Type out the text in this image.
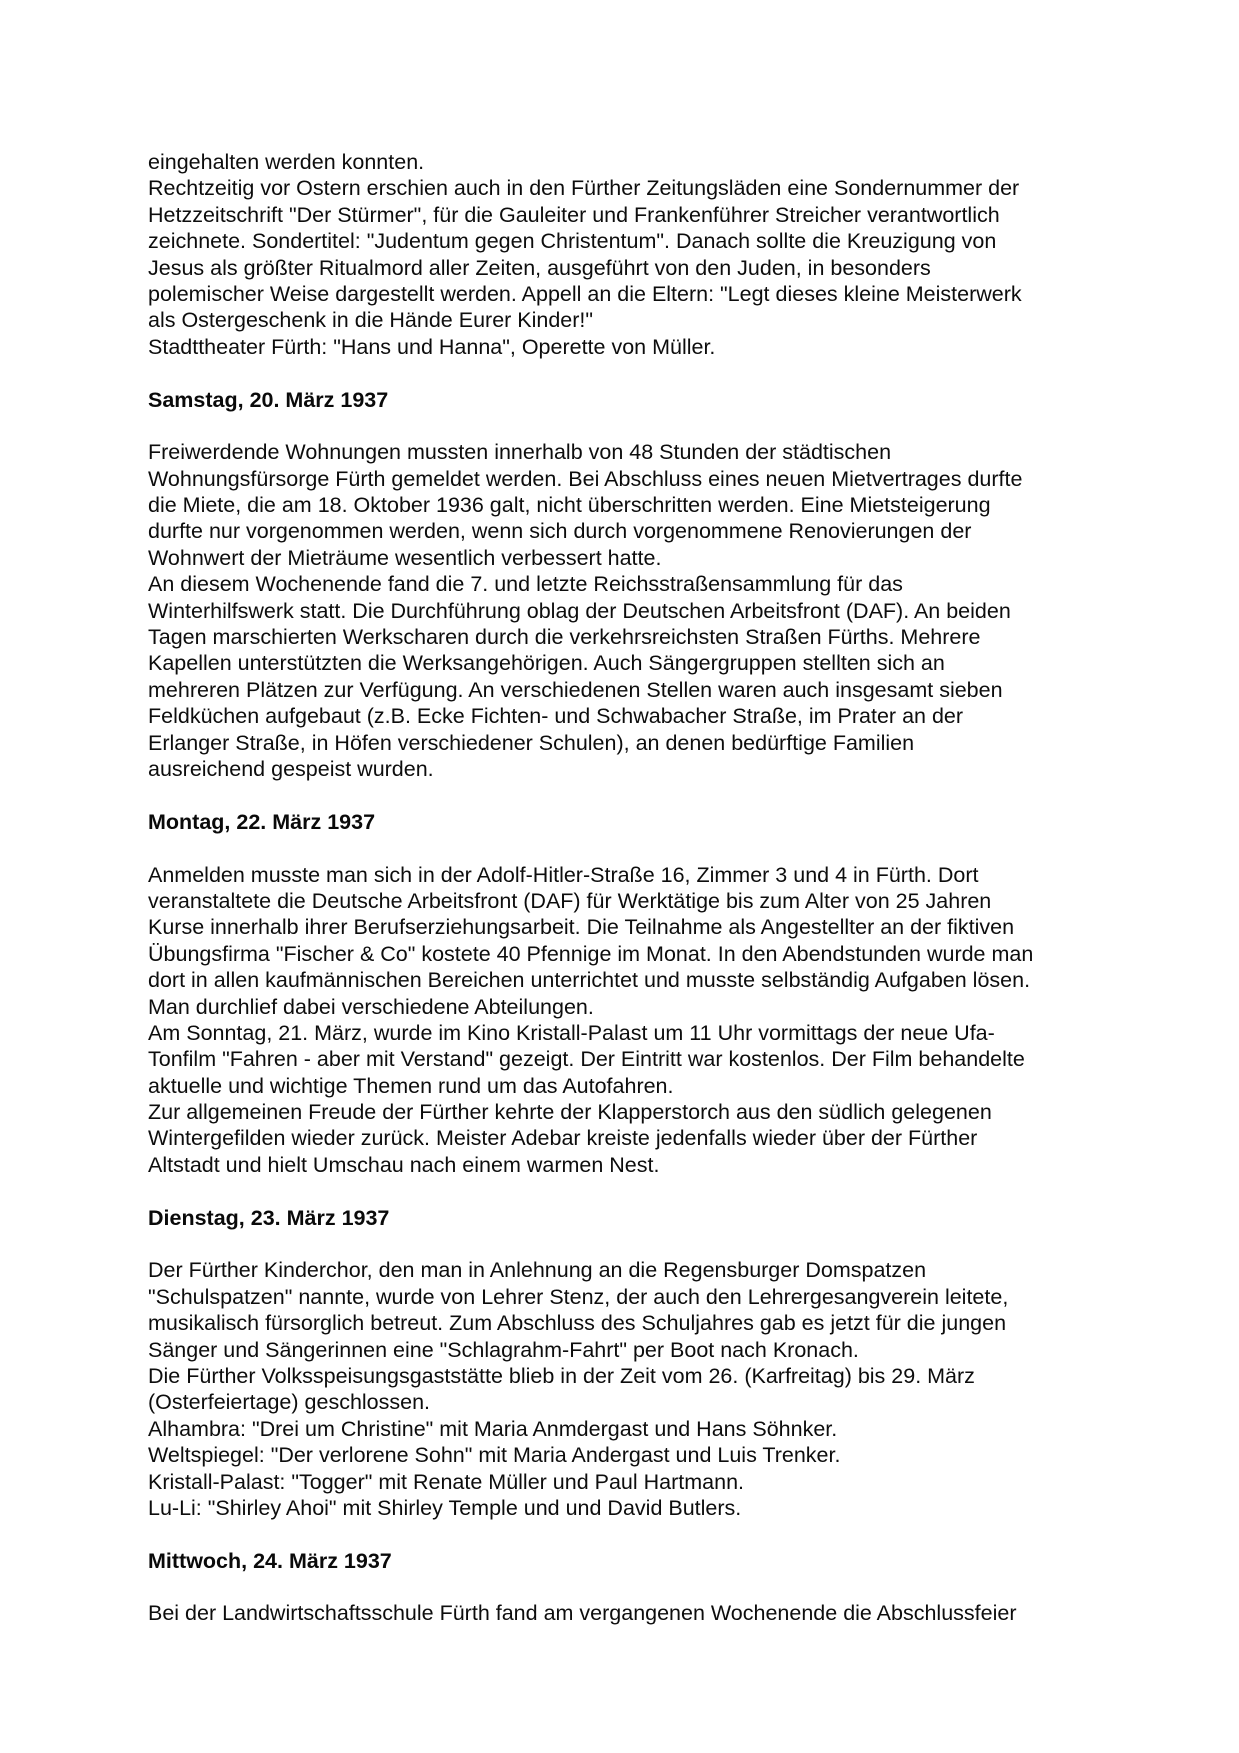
eingehalten werden konnten.
Rechtzeitig vor Ostern erschien auch in den Fürther Zeitungsläden eine Sondernummer der
Hetzzeitschrift "Der Stürmer", für die Gauleiter und Frankenführer Streicher verantwortlich
zeichnete. Sondertitel: "Judentum gegen Christentum". Danach sollte die Kreuzigung von
Jesus als größter Ritualmord aller Zeiten, ausgeführt von den Juden, in besonders
polemischer Weise dargestellt werden. Appell an die Eltern: "Legt dieses kleine Meisterwerk
als Ostergeschenk in die Hände Eurer Kinder!"
Stadttheater Fürth: "Hans und Hanna", Operette von Müller.
Samstag, 20. März 1937
Freiwerdende Wohnungen mussten innerhalb von 48 Stunden der städtischen
Wohnungsfürsorge Fürth gemeldet werden. Bei Abschluss eines neuen Mietvertrages durfte
die Miete, die am 18. Oktober 1936 galt, nicht überschritten werden. Eine Mietsteigerung
durfte nur vorgenommen werden, wenn sich durch vorgenommene Renovierungen der
Wohnwert der Mieträume wesentlich verbessert hatte.
An diesem Wochenende fand die 7. und letzte Reichsstraßensammlung für das
Winterhilfswerk statt. Die Durchführung oblag der Deutschen Arbeitsfront (DAF). An beiden
Tagen marschierten Werkscharen durch die verkehrsreichsten Straßen Fürths. Mehrere
Kapellen unterstützten die Werksangehörigen. Auch Sängergruppen stellten sich an
mehreren Plätzen zur Verfügung. An verschiedenen Stellen waren auch insgesamt sieben
Feldküchen aufgebaut (z.B. Ecke Fichten- und Schwabacher Straße, im Prater an der
Erlanger Straße, in Höfen verschiedener Schulen), an denen bedürftige Familien
ausreichend gespeist wurden.
Montag, 22. März 1937
Anmelden musste man sich in der Adolf-Hitler-Straße 16, Zimmer 3 und 4 in Fürth. Dort
veranstaltete die Deutsche Arbeitsfront (DAF) für Werktätige bis zum Alter von 25 Jahren
Kurse innerhalb ihrer Berufserziehungsarbeit. Die Teilnahme als Angestellter an der fiktiven
Übungsfirma "Fischer & Co" kostete 40 Pfennige im Monat. In den Abendstunden wurde man
dort in allen kaufmännischen Bereichen unterrichtet und musste selbständig Aufgaben lösen.
Man durchlief dabei verschiedene Abteilungen.
Am Sonntag, 21. März, wurde im Kino Kristall-Palast um 11 Uhr vormittags der neue Ufa-
Tonfilm "Fahren - aber mit Verstand" gezeigt. Der Eintritt war kostenlos. Der Film behandelte
aktuelle und wichtige Themen rund um das Autofahren.
Zur allgemeinen Freude der Fürther kehrte der Klapperstorch aus den südlich gelegenen
Wintergefilden wieder zurück. Meister Adebar kreiste jedenfalls wieder über der Fürther
Altstadt und hielt Umschau nach einem warmen Nest.
Dienstag, 23. März 1937
Der Fürther Kinderchor, den man in Anlehnung an die Regensburger Domspatzen
"Schulspatzen" nannte, wurde von Lehrer Stenz, der auch den Lehrergesangverein leitete,
musikalisch fürsorglich betreut. Zum Abschluss des Schuljahres gab es jetzt für die jungen
Sänger und Sängerinnen eine "Schlagrahm-Fahrt" per Boot nach Kronach.
Die Fürther Volksspeisungsgaststätte blieb in der Zeit vom 26. (Karfreitag) bis 29. März
(Osterfeiertage) geschlossen.
Alhambra: "Drei um Christine" mit Maria Anmdergast und Hans Söhnker.
Weltspiegel: "Der verlorene Sohn" mit Maria Andergast und Luis Trenker.
Kristall-Palast: "Togger" mit Renate Müller und Paul Hartmann.
Lu-Li: "Shirley Ahoi" mit Shirley Temple und und David Butlers.
Mittwoch, 24. März 1937
Bei der Landwirtschaftsschule Fürth fand am vergangenen Wochenende die Abschlussfeier
